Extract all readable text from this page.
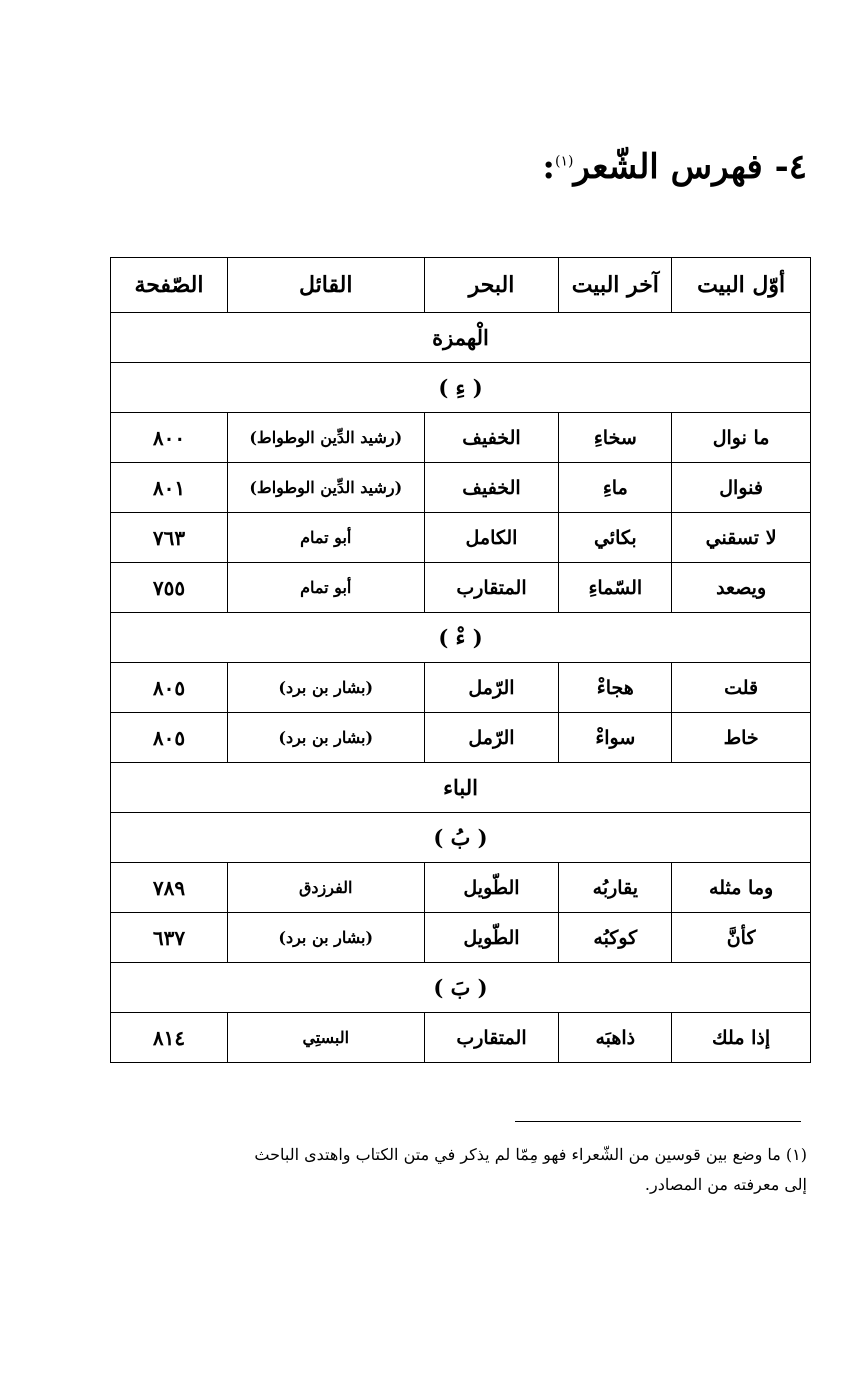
٤- فهرس الشّعر$^{(١)}$:
أوّل البيت	آخر البيت	البحر	القائل	الصّفحة
الْهمزة				
( ءِ )				
ما نوال	سخاءِ	الخفيف	(رشيد الدِّين الوطواط)	٨٠٠
فنوال	ماءِ	الخفيف	(رشيد الدِّين الوطواط)	٨٠١
لا تسقني	بكائي	الكامل	أبو تمام	٧٦٣
ويصعد	السّماءِ	المتقارب	أبو تمام	٧٥٥
( ءْ )				
قلت	هجاءْ	الرّمل	(بشار بن برد)	٨٠٥
خاط	سواءْ	الرّمل	(بشار بن برد)	٨٠٥
الباء				
( بُ )				
وما مثله	يقاربُه	الطّويل	الفرزدق	٧٨٩
كأنَّ	كوكبُه	الطّويل	(بشار بن برد)	٦٣٧
( بَ )				
إذا ملك	ذاهبَه	المتقارب	البستِي	٨١٤
(١) ما وضع بين قوسين من الشّعراء فهو مِمّا لم يذكر في متن الكتاب واهتدى الباحث
إلى معرفته من المصادر.
